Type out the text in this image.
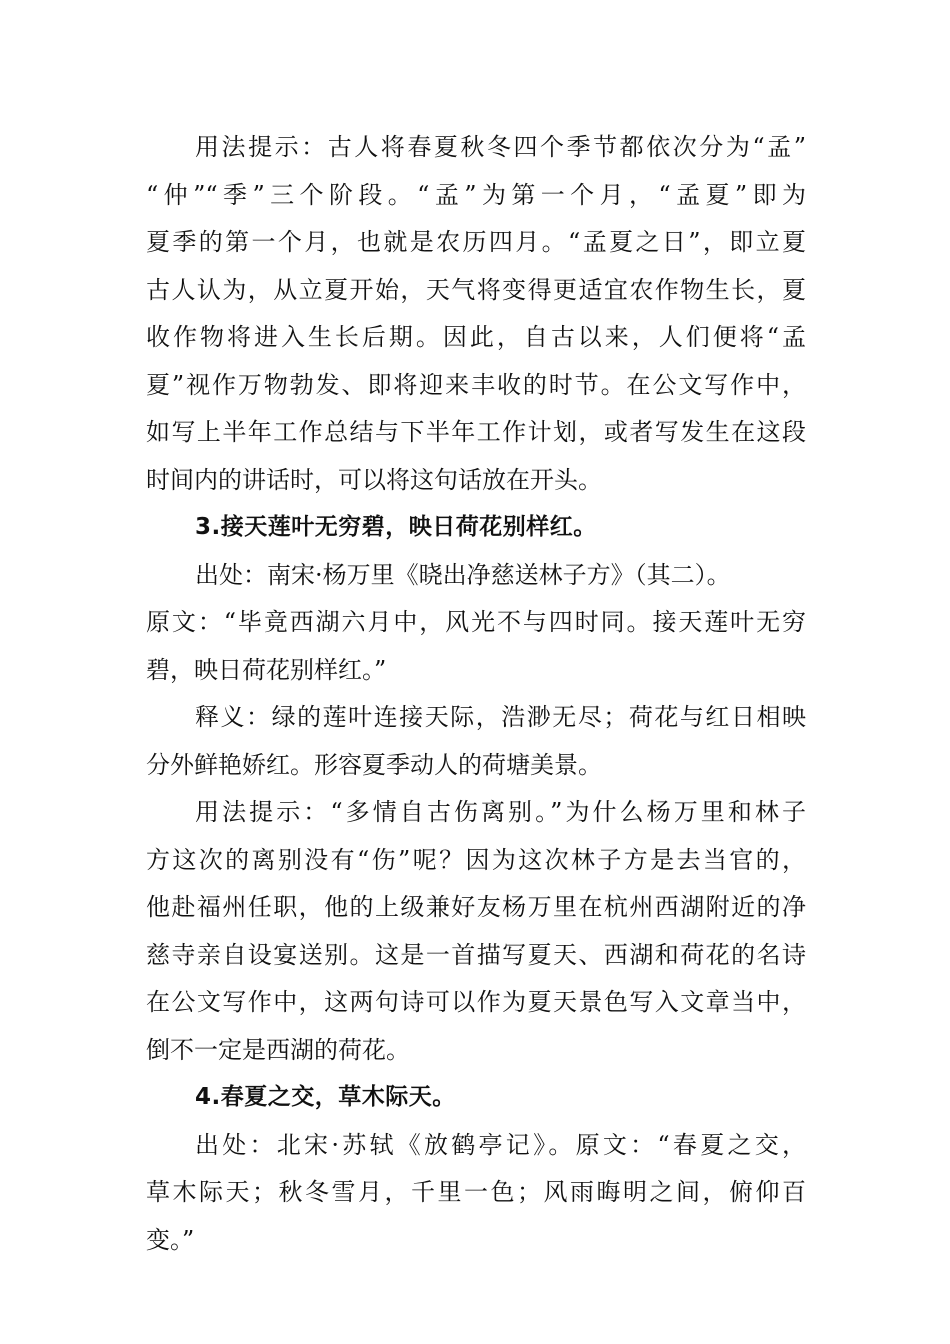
用法提示：古人将春夏秋冬四个季节都依次分为“孟”
“仲”“季”三个阶段。“孟”为第一个月，“孟夏”即为
夏季的第一个月，也就是农历四月。“孟夏之日”，即立夏
古人认为，从立夏开始，天气将变得更适宜农作物生长，夏
收作物将进入生长后期。因此，自古以来，人们便将“孟
夏”视作万物勃发、即将迎来丰收的时节。在公文写作中，
如写上半年工作总结与下半年工作计划，或者写发生在这段
时间内的讲话时，可以将这句话放在开头。
3.接天莲叶无穷碧，映日荷花别样红。
出处：南宋·杨万里《晓出净慈送林子方》（其二）。
原文：“毕竟西湖六月中，风光不与四时同。接天莲叶无穷
碧，映日荷花别样红。”
释义：绿的莲叶连接天际，浩渺无尽；荷花与红日相映
分外鲜艳娇红。形容夏季动人的荷塘美景。
用法提示：“多情自古伤离别。”为什么杨万里和林子
方这次的离别没有“伤”呢？因为这次林子方是去当官的，
他赴福州任职，他的上级兼好友杨万里在杭州西湖附近的净
慈寺亲自设宴送别。这是一首描写夏天、西湖和荷花的名诗
在公文写作中，这两句诗可以作为夏天景色写入文章当中，
倒不一定是西湖的荷花。
4.春夏之交，草木际天。
出处：北宋·苏轼《放鹤亭记》。原文：“春夏之交，
草木际天；秋冬雪月，千里一色；风雨晦明之间，俯仰百
变。”
